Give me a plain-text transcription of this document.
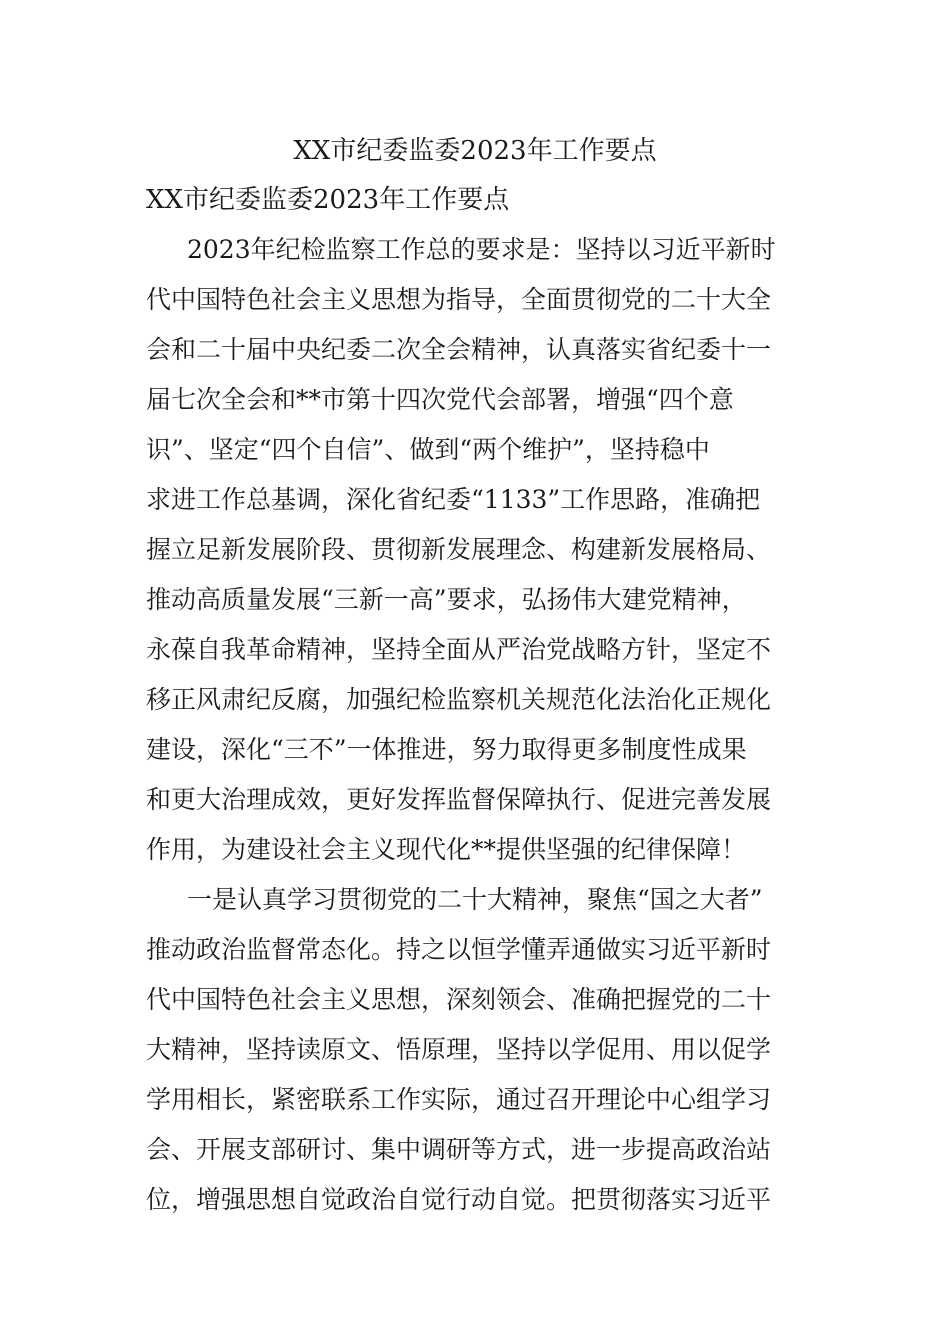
XX市纪委监委2023年工作要点
XX市纪委监委2023年工作要点
2023年纪检监察工作总的要求是：坚持以习近平新时
代中国特色社会主义思想为指导，全面贯彻党的二十大全
会和二十届中央纪委二次全会精神，认真落实省纪委十一
届七次全会和**市第十四次党代会部署，增强“四个意
识”、坚定“四个自信”、做到“两个维护”，坚持稳中
求进工作总基调，深化省纪委“1133”工作思路，准确把
握立足新发展阶段、贯彻新发展理念、构建新发展格局、
推动高质量发展“三新一高”要求，弘扬伟大建党精神，
永葆自我革命精神，坚持全面从严治党战略方针，坚定不
移正风肃纪反腐，加强纪检监察机关规范化法治化正规化
建设，深化“三不”一体推进，努力取得更多制度性成果
和更大治理成效，更好发挥监督保障执行、促进完善发展
作用，为建设社会主义现代化**提供坚强的纪律保障！
一是认真学习贯彻党的二十大精神，聚焦“国之大者”
推动政治监督常态化。持之以恒学懂弄通做实习近平新时
代中国特色社会主义思想，深刻领会、准确把握党的二十
大精神，坚持读原文、悟原理，坚持以学促用、用以促学
学用相长，紧密联系工作实际，通过召开理论中心组学习
会、开展支部研讨、集中调研等方式，进一步提高政治站
位，增强思想自觉政治自觉行动自觉。把贯彻落实习近平
